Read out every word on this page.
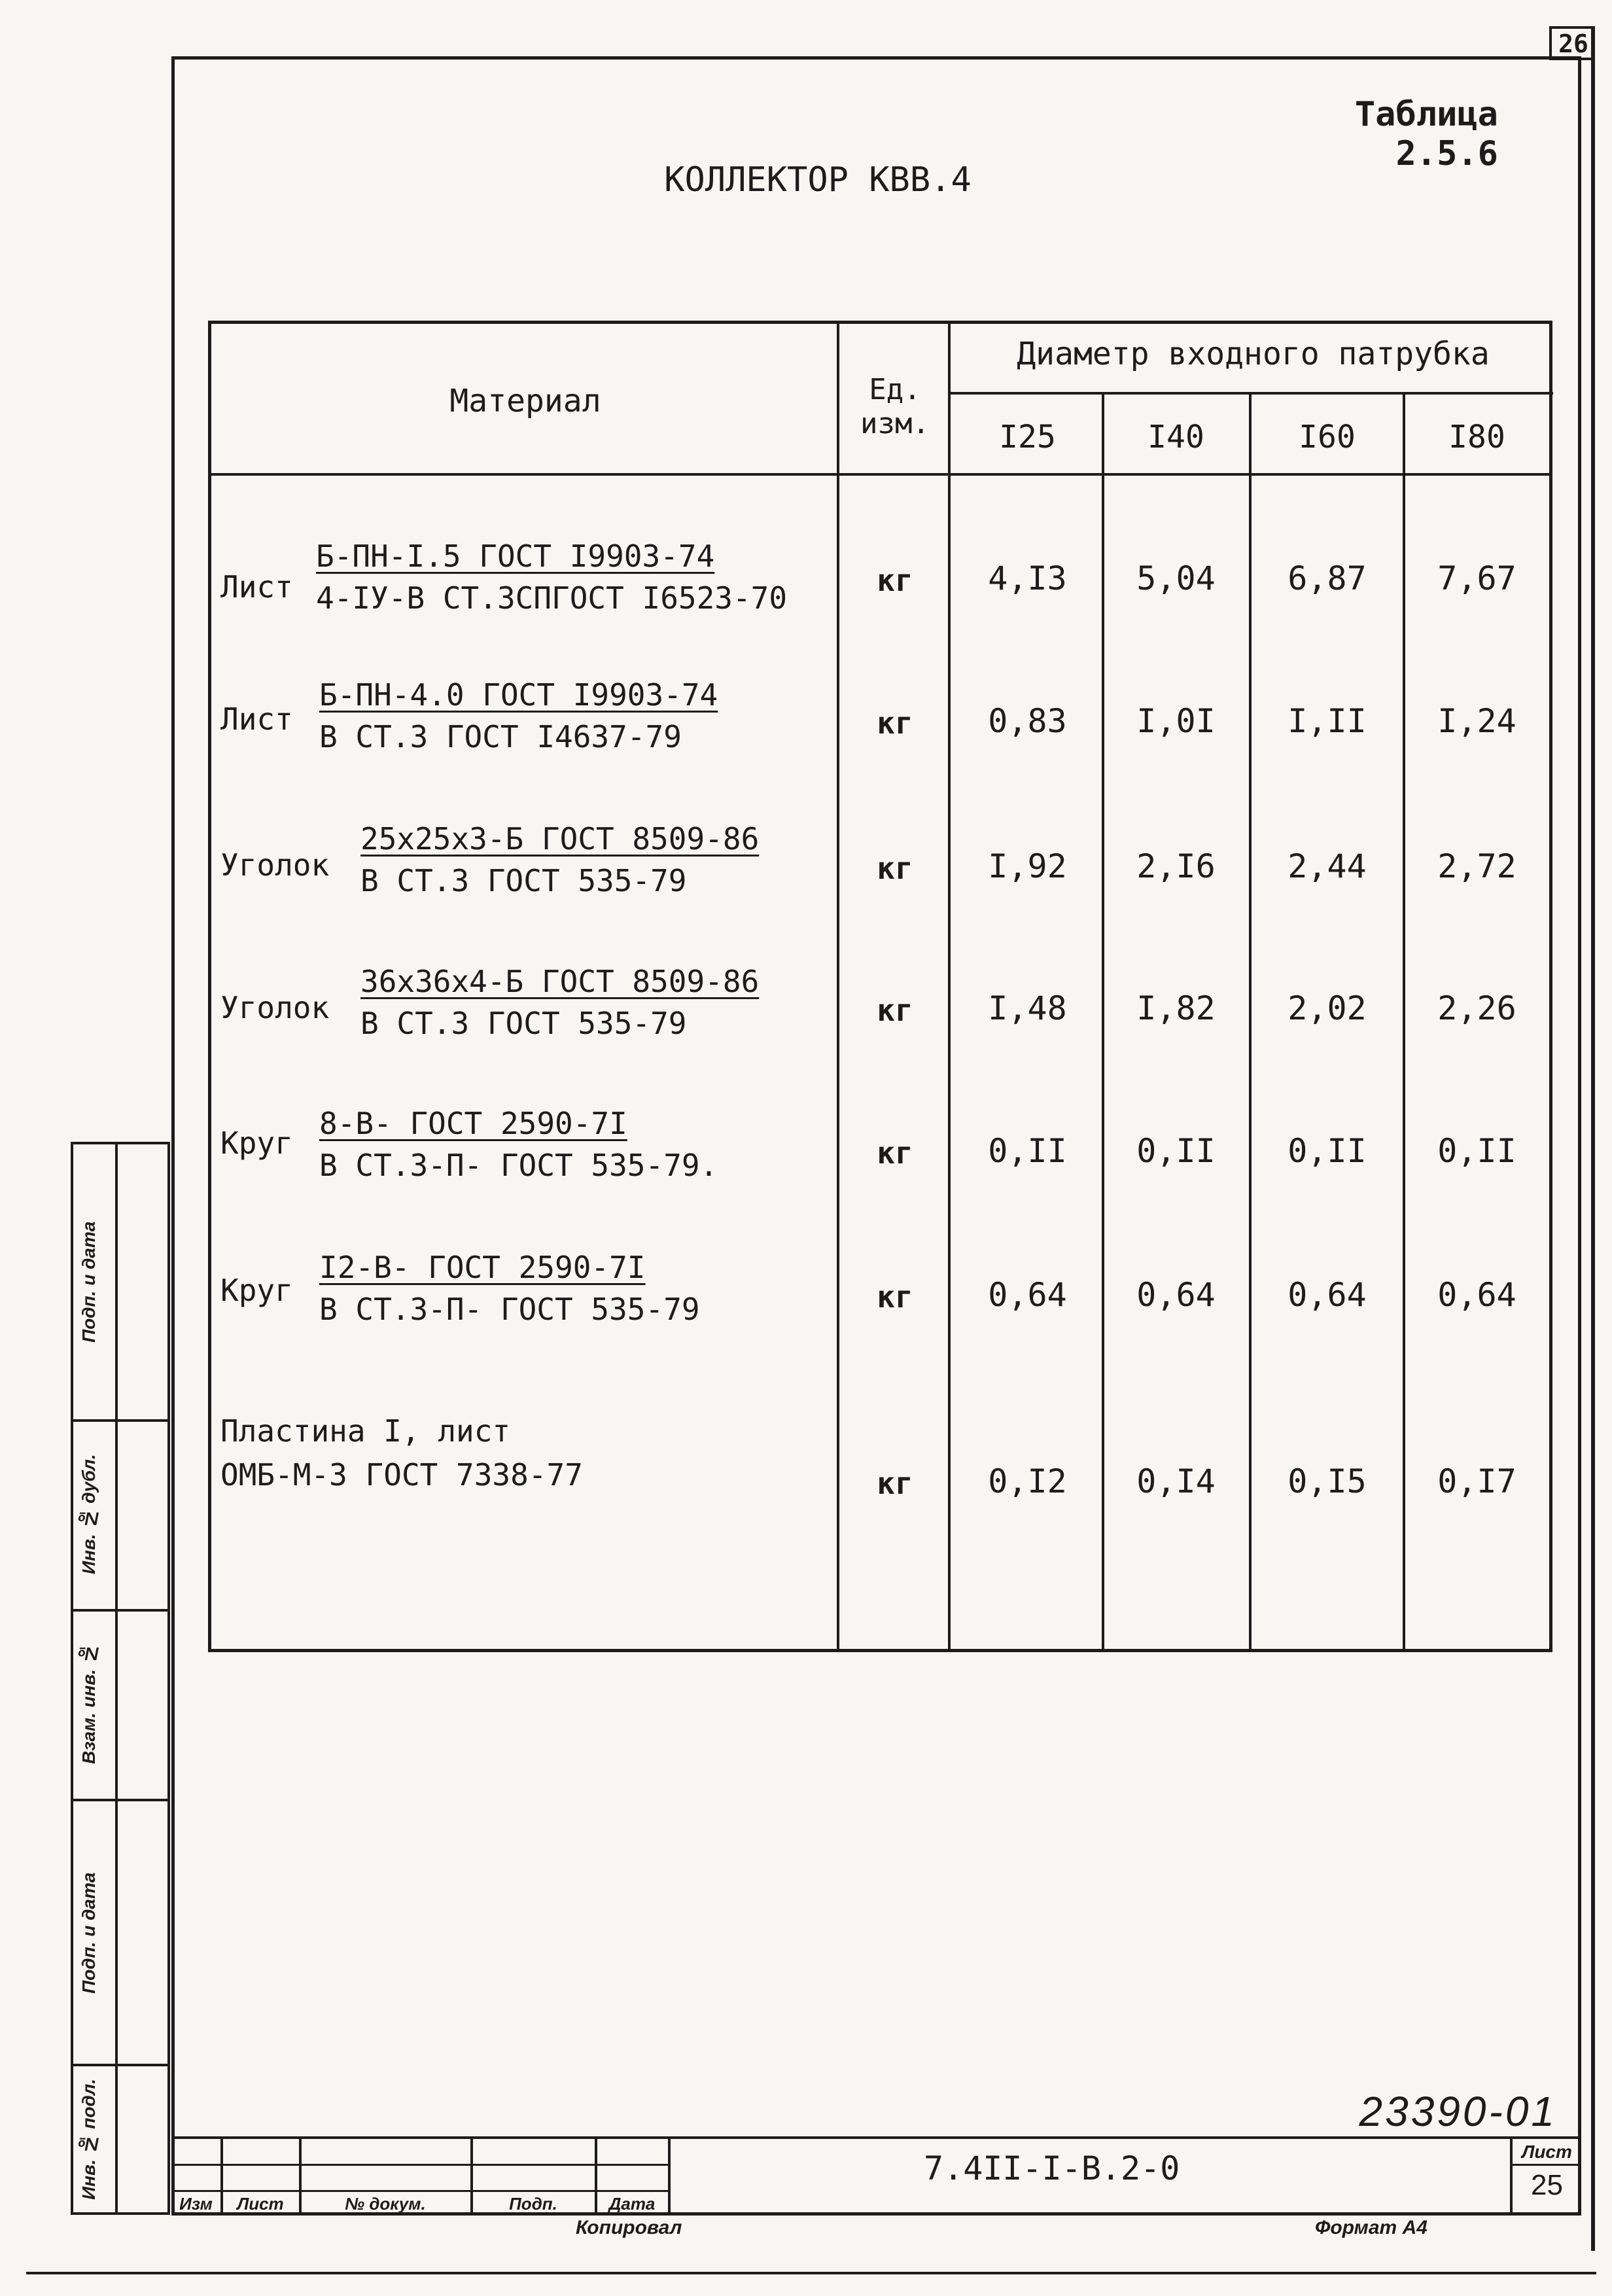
26
Таблица 2.5.6
КОЛЛЕКТОР КВВ.4
Материал	Ед. изм.
Диаметр входного патрубка
I25	I40	I60	I80
Лист
Б-ПН-I.5 ГОСТ I9903-74
4-IУ-В СТ.3СПГОСТ I6523-70	кг	4,I3	5,04	6,87	7,67
Лист
Б-ПН-4.0 ГОСТ I9903-74
В СТ.3 ГОСТ I4637-79	кг	0,83	I,0I	I,II	I,24
Уголок
25х25х3-Б ГОСТ 8509-86
В СТ.3 ГОСТ 535-79	кг	I,92	2,I6	2,44	2,72
Уголок
36х36х4-Б ГОСТ 8509-86
В СТ.3 ГОСТ 535-79	кг	I,48	I,82	2,02	2,26
Круг
8-В- ГОСТ 2590-7I
В СТ.3-П- ГОСТ 535-79.	кг	0,II	0,II	0,II	0,II
Круг
I2-В- ГОСТ 2590-7I
В СТ.3-П- ГОСТ 535-79	кг	0,64	0,64	0,64	0,64
Пластина I, лист
ОМБ-М-3 ГОСТ 7338-77	кг	0,I2	0,I4	0,I5	0,I7
Подп. и дата
Инв. № дубл.
Взам. инв. №
Подп. и дата
Инв. № подл.	23390-01
Изм	Лист	№ докум.	Подп.	Дата
7.4II-I-В.2-0	Лист
25
Копировал	Формат А4
